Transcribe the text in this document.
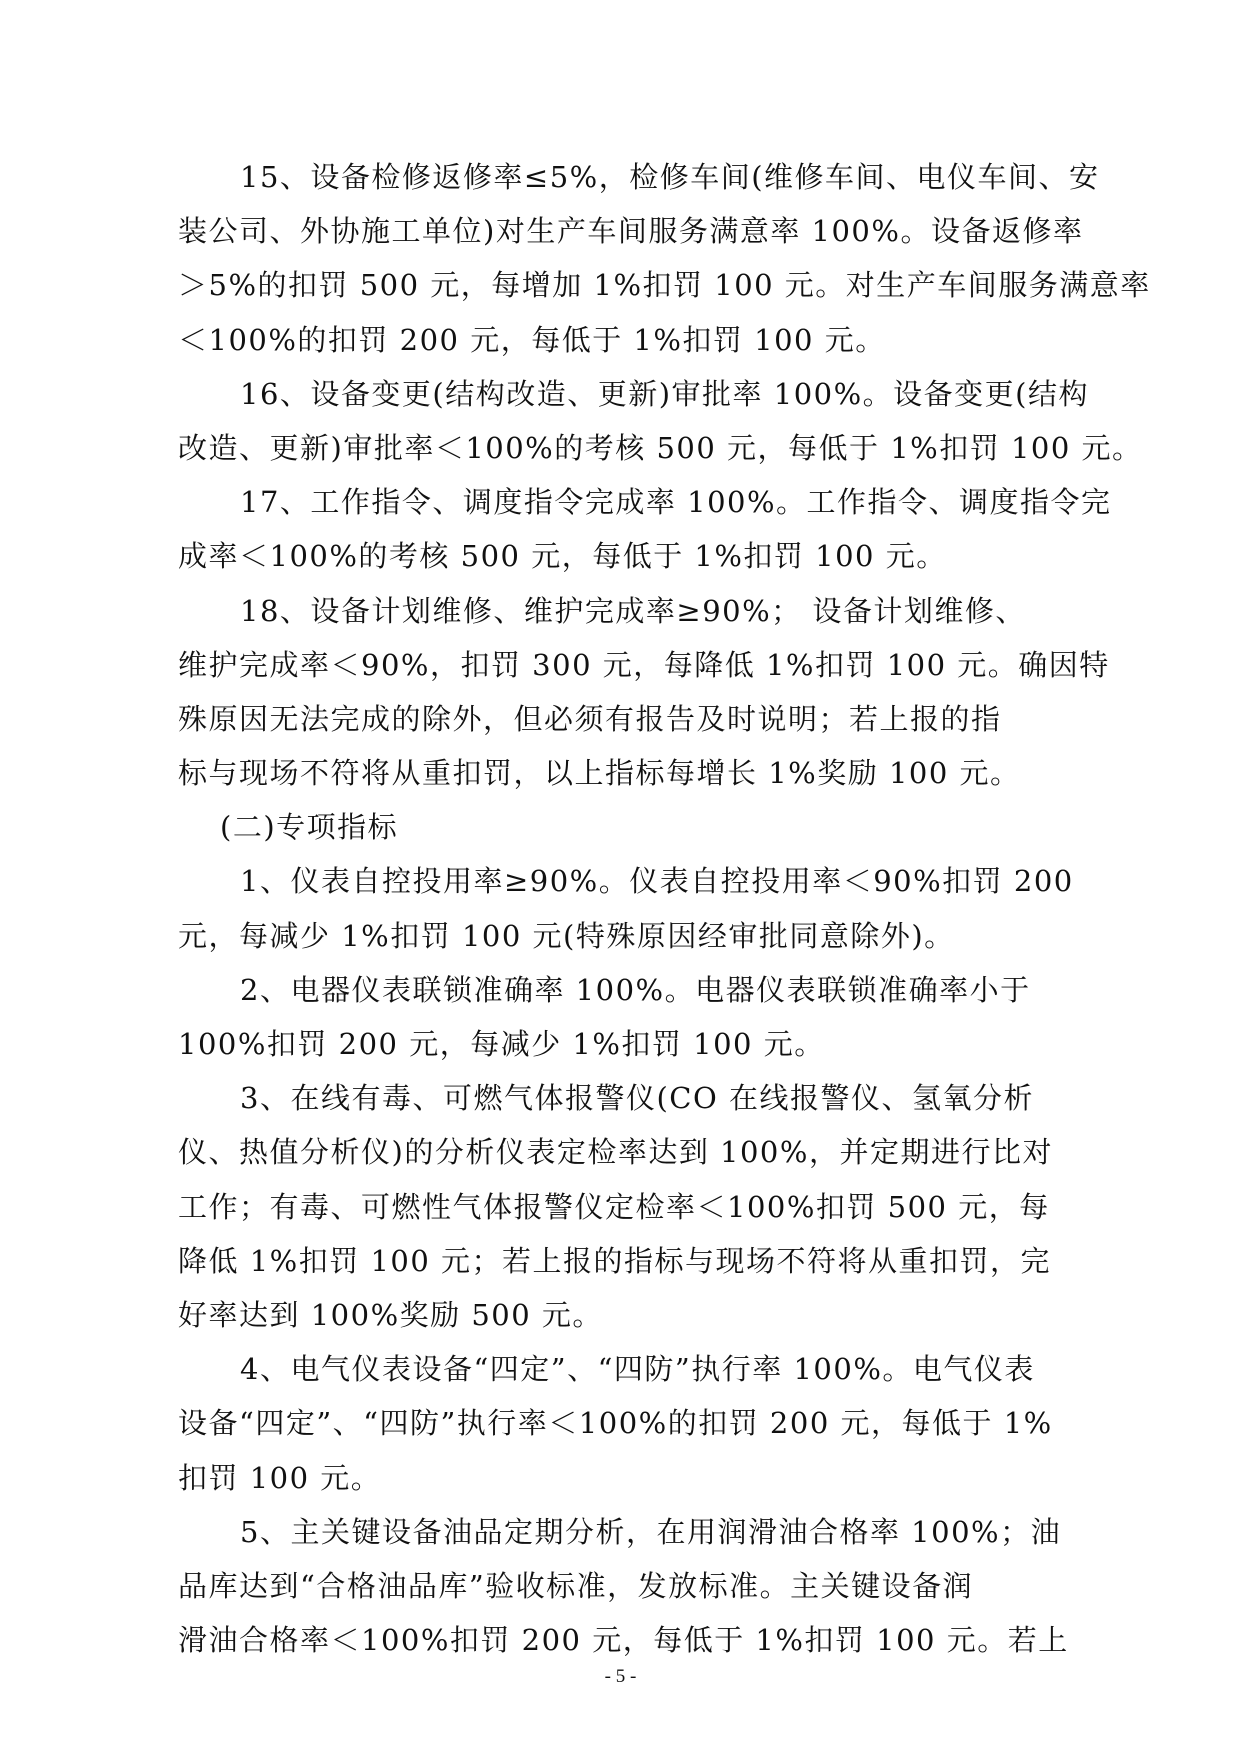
15、设备检修返修率≤5%，检修车间(维修车间、电仪车间、安
装公司、外协施工单位)对生产车间服务满意率 100%。设备返修率
＞5%的扣罚 500 元，每增加 1%扣罚 100 元。对生产车间服务满意率
＜100%的扣罚 200 元，每低于 1%扣罚 100 元。
16、设备变更(结构改造、更新)审批率 100%。设备变更(结构
改造、更新)审批率＜100%的考核 500 元，每低于 1%扣罚 100 元。
17、工作指令、调度指令完成率 100%。工作指令、调度指令完
成率＜100%的考核 500 元，每低于 1%扣罚 100 元。
18、设备计划维修、维护完成率≥90%； 设备计划维修、
维护完成率＜90%，扣罚 300 元，每降低 1%扣罚 100 元。确因特
殊原因无法完成的除外，但必须有报告及时说明；若上报的指
标与现场不符将从重扣罚，以上指标每增长 1%奖励 100 元。
(二)专项指标
1、仪表自控投用率≥90%。仪表自控投用率＜90%扣罚 200
元，每减少 1%扣罚 100 元(特殊原因经审批同意除外)。
2、电器仪表联锁准确率 100%。电器仪表联锁准确率小于
100%扣罚 200 元，每减少 1%扣罚 100 元。
3、在线有毒、可燃气体报警仪(CO 在线报警仪、氢氧分析
仪、热值分析仪)的分析仪表定检率达到 100%，并定期进行比对
工作；有毒、可燃性气体报警仪定检率＜100%扣罚 500 元，每
降低 1%扣罚 100 元；若上报的指标与现场不符将从重扣罚，完
好率达到 100%奖励 500 元。
4、电气仪表设备“四定”、“四防”执行率 100%。电气仪表
设备“四定”、“四防”执行率＜100%的扣罚 200 元，每低于 1%
扣罚 100 元。
5、主关键设备油品定期分析，在用润滑油合格率 100%；油
品库达到“合格油品库”验收标准，发放标准。主关键设备润
滑油合格率＜100%扣罚 200 元，每低于 1%扣罚 100 元。若上
- 5 -
